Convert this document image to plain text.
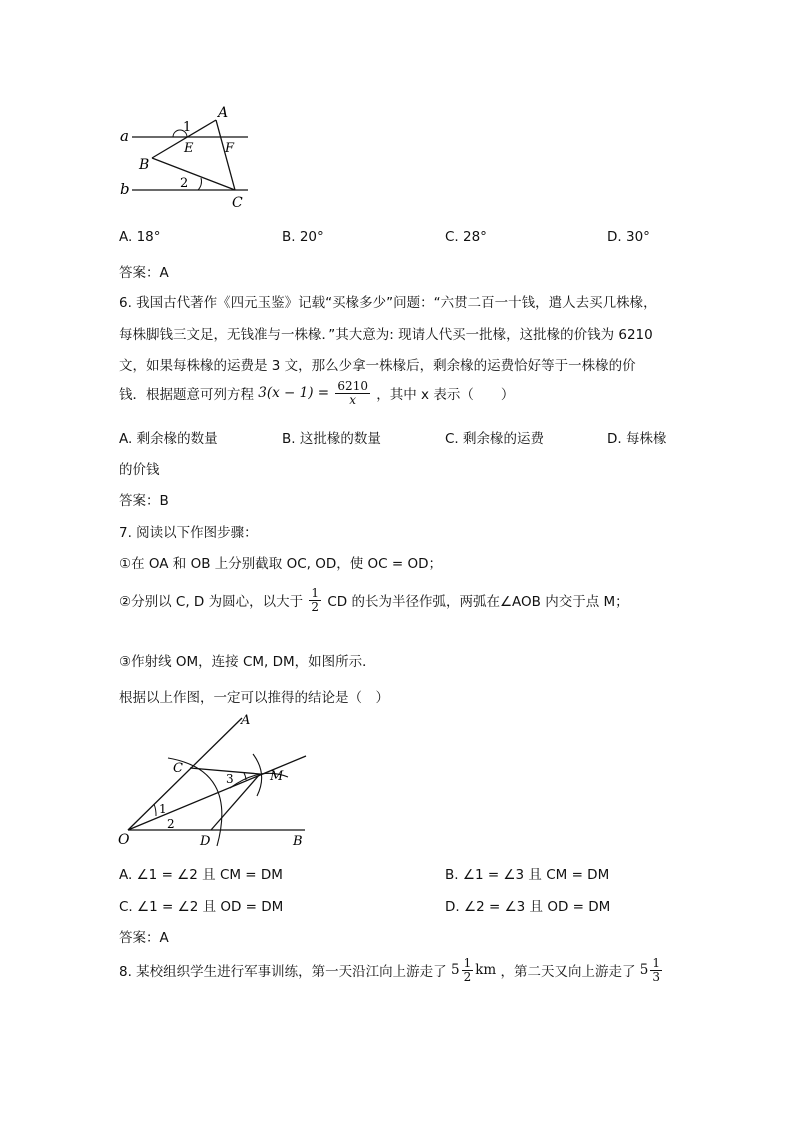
a
b
A
B
C
E F
1
2
A. 18°	B. 20°	C. 28°	D. 30°
答案：A
6. 我国古代著作《四元玉鉴》记载“买椽多少”问题：“六贯二百一十钱，遣人去买几株椽，
每株脚钱三文足，无钱准与一株椽．”其大意为: 现请人代买一批椽，这批椽的价钱为 6210
文，如果每株椽的运费是 3 文，那么少拿一株椽后，剩余椽的运费恰好等于一株椽的价
钱．根据题意可列方程 $3(x - 1) = \frac{6210}{x}$ ，其中 x 表示（　　）
A. 剩余椽的数量	B. 这批椽的数量	C. 剩余椽的运费	D. 每株椽
的价钱
答案：B
7. 阅读以下作图步骤：
①在 OA 和 OB 上分别截取 OC, OD，使 OC = OD；
②分别以 C, D 为圆心，以大于 $\frac{1}{2}$ CD 的长为半径作弧，两弧在∠AOB 内交于点 M；
③作射线 OM，连接 CM, DM，如图所示．
根据以上作图，一定可以推得的结论是（　）
O
A
B
C
D
M
1
2
3
A. ∠1 = ∠2 且 CM = DM	B. ∠1 = ∠3 且 CM = DM
C. ∠1 = ∠2 且 OD = DM	D. ∠2 = ∠3 且 OD = DM
答案：A
8. 某校组织学生进行军事训练，第一天沿江向上游走了 $5 \frac{1}{2}$ km ，第二天又向上游走了 $5 \frac{1}{3}$
